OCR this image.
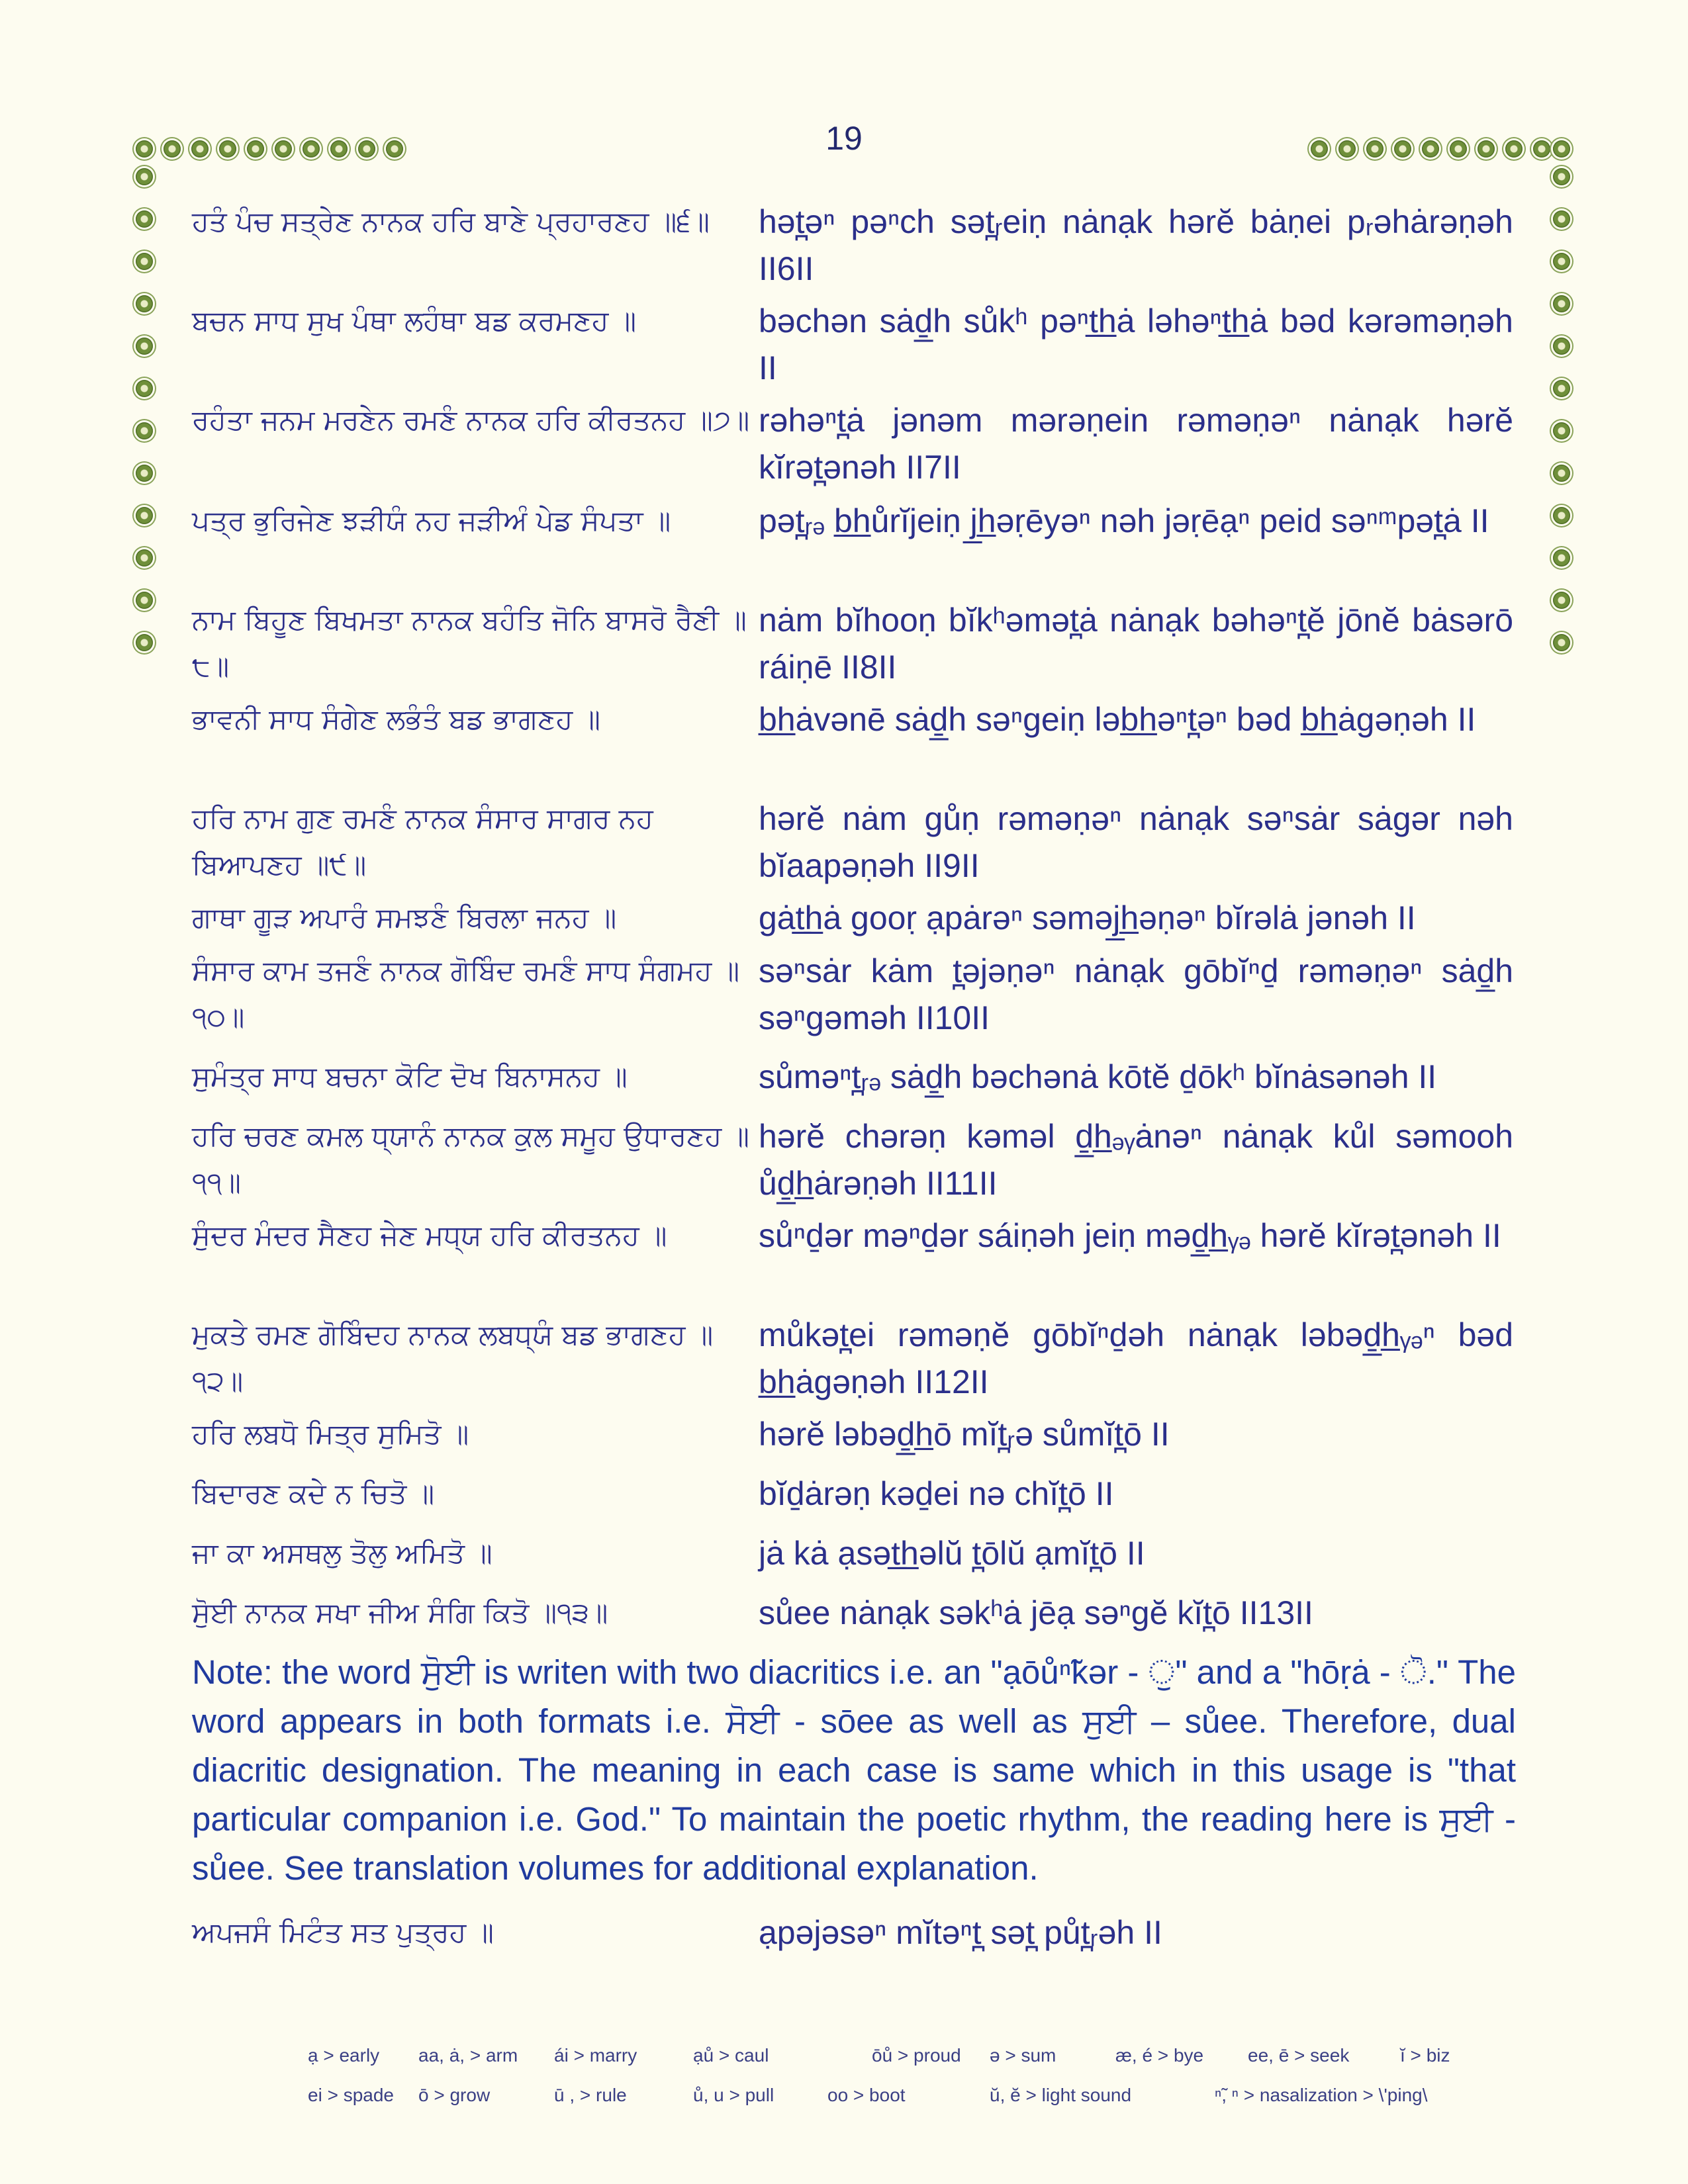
19
ਹਤੰ ਪੰਚ ਸਤ੍ਰੇਣ ਨਾਨਕ ਹਰਿ ਬਾਣੇ ਪ੍ਰਹਾਰਣਹ ॥੬॥	hət̪əⁿ pəⁿch sət̪ᵣeiṇ nȧnạk hərĕ bȧṇei pᵣəhȧrəṇəh II6II
ਬਚਨ ਸਾਧ ਸੁਖ ਪੰਥਾ ਲਹੰਥਾ ਬਡ ਕਰਮਣਹ ॥	bəchən sȧḏ̲h sůkʰ pəⁿt̲h̲ȧ ləhəⁿt̲h̲ȧ bəd kərəməṇəh II
ਰਹੰਤਾ ਜਨਮ ਮਰਣੇਨ ਰਮਣੰ ਨਾਨਕ ਹਰਿ ਕੀਰਤਨਹ ॥੭॥ rəhəⁿt̪ȧ jənəm mərəṇein rəməṇəⁿ nȧnạk hərĕ kĭrət̪ənəh II7II
ਪਤ੍ਰ ਭੁਰਿਜੇਣ ਝੜੀਯੰ ਨਹ ਜੜੀਅੰ ਪੇਡ ਸੰਪਤਾ ॥	pət̪ᵣₔ b̲h̲ůrĭjeiṇ j̲h̲əṛēyəⁿ nəh jəṛēạⁿ peid səⁿᵐpət̪ȧ II
ਨਾਮ ਬਿਹੂਣ ਬਿਖਮਤਾ ਨਾਨਕ ਬਹੰਤਿ ਜੋਨਿ ਬਾਸਰੋ ਰੈਣੀ ॥੮॥
nȧm bĭhooṇ bĭkʰəmət̪ȧ nȧnạk bəhəⁿt̪ĕ jōnĕ bȧsərō ráiṇē II8II
ਭਾਵਨੀ ਸਾਧ ਸੰਗੇਣ ਲਭੰਤੰ ਬਡ ਭਾਗਣਹ ॥	b̲h̲ȧvənē sȧḏ̲h səⁿgeiṇ ləb̲h̲əⁿt̪əⁿ bəd b̲h̲ȧgəṇəh II
ਹਰਿ ਨਾਮ ਗੁਣ ਰਮਣੰ ਨਾਨਕ ਸੰਸਾਰ ਸਾਗਰ ਨਹ ਬਿਆਪਣਹ ॥੯॥
hərĕ nȧm gůṇ rəməṇəⁿ nȧnạk səⁿsȧr sȧgər nəh bĭaapəṇəh II9II
ਗਾਥਾ ਗੂੜ ਅਪਾਰੰ ਸਮਝਣੰ ਬਿਰਲਾ ਜਨਹ ॥	gȧt̲h̲ȧ gooṛ ạpȧrəⁿ səməj̲h̲əṇəⁿ bĭrəlȧ jənəh II
ਸੰਸਾਰ ਕਾਮ ਤਜਣੰ ਨਾਨਕ ਗੋਬਿੰਦ ਰਮਣੰ ਸਾਧ ਸੰਗਮਹ ॥੧੦॥
səⁿsȧr kȧm t̪əjəṇəⁿ nȧnạk gōbĭⁿḏ rəməṇəⁿ sȧḏ̲h səⁿgəməh II10II
ਸੁਮੰਤ੍ਰ ਸਾਧ ਬਚਨਾ ਕੋਟਿ ਦੋਖ ਬਿਨਾਸਨਹ ॥	sůməⁿt̪ᵣₔ sȧḏ̲h bəchənȧ kōtĕ ḏōkʰ bĭnȧsənəh II
ਹਰਿ ਚਰਣ ਕਮਲ ਧ੍ਯਾਨੰ ਨਾਨਕ ਕੁਲ ਸਮੂਹ ਉਧਾਰਣਹ ॥੧੧॥
hərĕ chərəṇ kəməl ḏ̲h̲ₔᵧȧnəⁿ nȧnạk kůl səmooh ůḏ̲h̲ȧrəṇəh II11II
ਸੁੰਦਰ ਮੰਦਰ ਸੈਣਹ ਜੇਣ ਮਧ੍ਯ ਹਰਿ ਕੀਰਤਨਹ ॥	sůⁿḏər məⁿḏər sáiṇəh jeiṇ məḏ̲h̲ᵧₔ hərĕ kĭrət̪ənəh II
ਮੁਕਤੇ ਰਮਣ ਗੋਬਿੰਦਹ ਨਾਨਕ ਲਬਧ੍ਯੰ ਬਡ ਭਾਗਣਹ ॥੧੨॥
můkət̪ei rəməṇĕ gōbĭⁿḏəh nȧnạk ləbəḏ̲h̲ᵧₔⁿ bəd b̲h̲ȧgəṇəh II12II
ਹਰਿ ਲਬਧੋ ਮਿਤ੍ਰ ਸੁਮਿਤੋ ॥	hərĕ ləbəḏ̲h̲ō mĭt̪ᵣə sůmĭt̪ō II
ਬਿਦਾਰਣ ਕਦੇ ਨ ਚਿਤੋ ॥	bĭḏȧrəṇ kəḏei nə chĭt̪ō II
ਜਾ ਕਾ ਅਸਥਲੁ ਤੋਲੁ ਅਮਿਤੋ ॥	jȧ kȧ ạsət̲h̲əlŭ t̪ōlŭ ạmĭt̪ō II
ਸੁੋਈ ਨਾਨਕ ਸਖਾ ਜੀਅ ਸੰਗਿ ਕਿਤੋ ॥੧੩॥	sůee nȧnạk səkʰȧ jēạ səⁿgĕ kĭt̪ō II13II
Note: the word ਸੁੋਈ is writen with two diacritics i.e. an "ạōůⁿ̃kər - ੁ" and a "hōṛȧ - ੋ." The word appears in both formats i.e. ਸੋਈ - sōee as well as ਸੁਈ – sůee. Therefore, dual diacritic designation. The meaning in each case is same which in this usage is "that particular companion i.e. God." To maintain the poetic rhythm, the reading here is ਸੁਈ - sůee. See translation volumes for additional explanation.
ਅਪਜਸੰ ਮਿਟੰਤ ਸਤ ਪੁਤ੍ਰਹ ॥	ạpəjəsəⁿ mĭtəⁿt̪ sət̪ půt̪ᵣəh II
ạ > early aa, ȧ, > arm ái > marry	ạů > caul	ōů > proud ə > sum	æ, é > bye ee, ē > seek	ĭ > biz
ei > spade ō > grow	ū , > rule	ů, u > pull	oo > boot	ŭ, ĕ > light sound	ⁿ̃, ⁿ > nasalization > \'ping\
